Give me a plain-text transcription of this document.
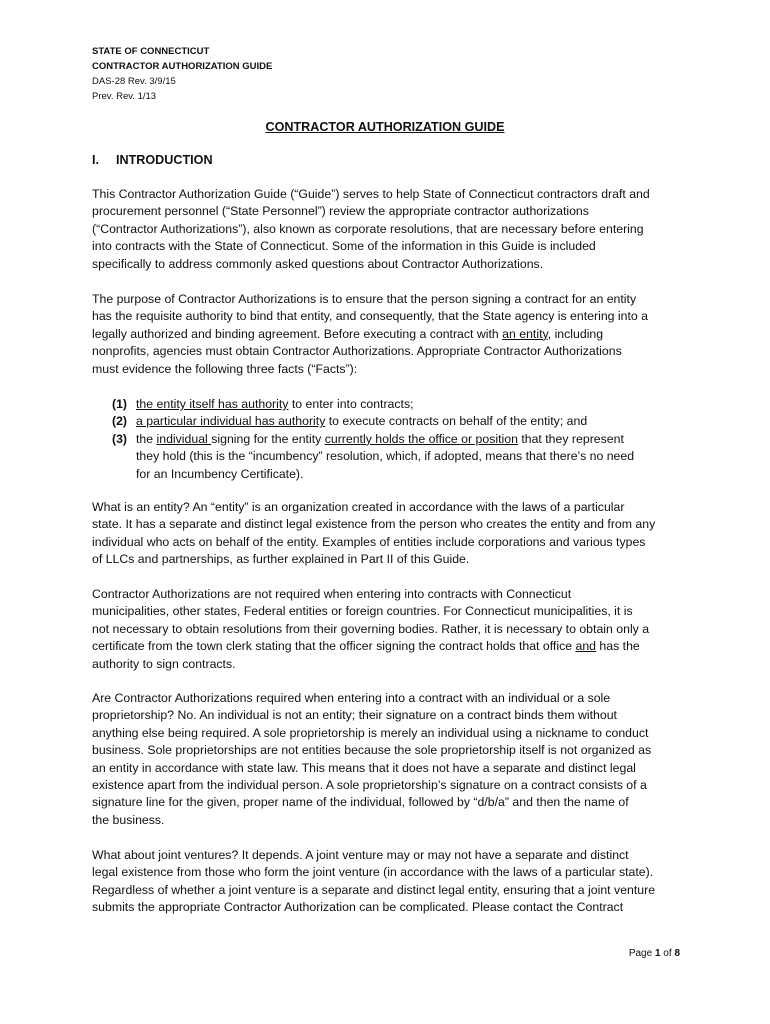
STATE OF CONNECTICUT
CONTRACTOR AUTHORIZATION GUIDE
DAS-28 Rev. 3/9/15
Prev. Rev. 1/13
CONTRACTOR AUTHORIZATION GUIDE
I. INTRODUCTION
This Contractor Authorization Guide (“Guide”) serves to help State of Connecticut contractors draft and
procurement personnel (“State Personnel”) review the appropriate contractor authorizations
(“Contractor Authorizations”), also known as corporate resolutions, that are necessary before entering
into contracts with the State of Connecticut. Some of the information in this Guide is included
specifically to address commonly asked questions about Contractor Authorizations.
The purpose of Contractor Authorizations is to ensure that the person signing a contract for an entity
has the requisite authority to bind that entity, and consequently, that the State agency is entering into a
legally authorized and binding agreement. Before executing a contract with an entity, including
nonprofits, agencies must obtain Contractor Authorizations. Appropriate Contractor Authorizations
must evidence the following three facts (“Facts”):
(1) the entity itself has authority to enter into contracts;
(2) a particular individual has authority to execute contracts on behalf of the entity; and
(3) the individual signing for the entity currently holds the office or position that they represent
they hold (this is the “incumbency” resolution, which, if adopted, means that there’s no need
for an Incumbency Certificate).
What is an entity? An “entity” is an organization created in accordance with the laws of a particular
state. It has a separate and distinct legal existence from the person who creates the entity and from any
individual who acts on behalf of the entity. Examples of entities include corporations and various types
of LLCs and partnerships, as further explained in Part II of this Guide.
Contractor Authorizations are not required when entering into contracts with Connecticut
municipalities, other states, Federal entities or foreign countries. For Connecticut municipalities, it is
not necessary to obtain resolutions from their governing bodies. Rather, it is necessary to obtain only a
certificate from the town clerk stating that the officer signing the contract holds that office and has the
authority to sign contracts.
Are Contractor Authorizations required when entering into a contract with an individual or a sole
proprietorship? No. An individual is not an entity; their signature on a contract binds them without
anything else being required. A sole proprietorship is merely an individual using a nickname to conduct
business. Sole proprietorships are not entities because the sole proprietorship itself is not organized as
an entity in accordance with state law. This means that it does not have a separate and distinct legal
existence apart from the individual person. A sole proprietorship’s signature on a contract consists of a
signature line for the given, proper name of the individual, followed by “d/b/a” and then the name of
the business.
What about joint ventures? It depends. A joint venture may or may not have a separate and distinct
legal existence from those who form the joint venture (in accordance with the laws of a particular state).
Regardless of whether a joint venture is a separate and distinct legal entity, ensuring that a joint venture
submits the appropriate Contractor Authorization can be complicated. Please contact the Contract
Page 1 of 8
